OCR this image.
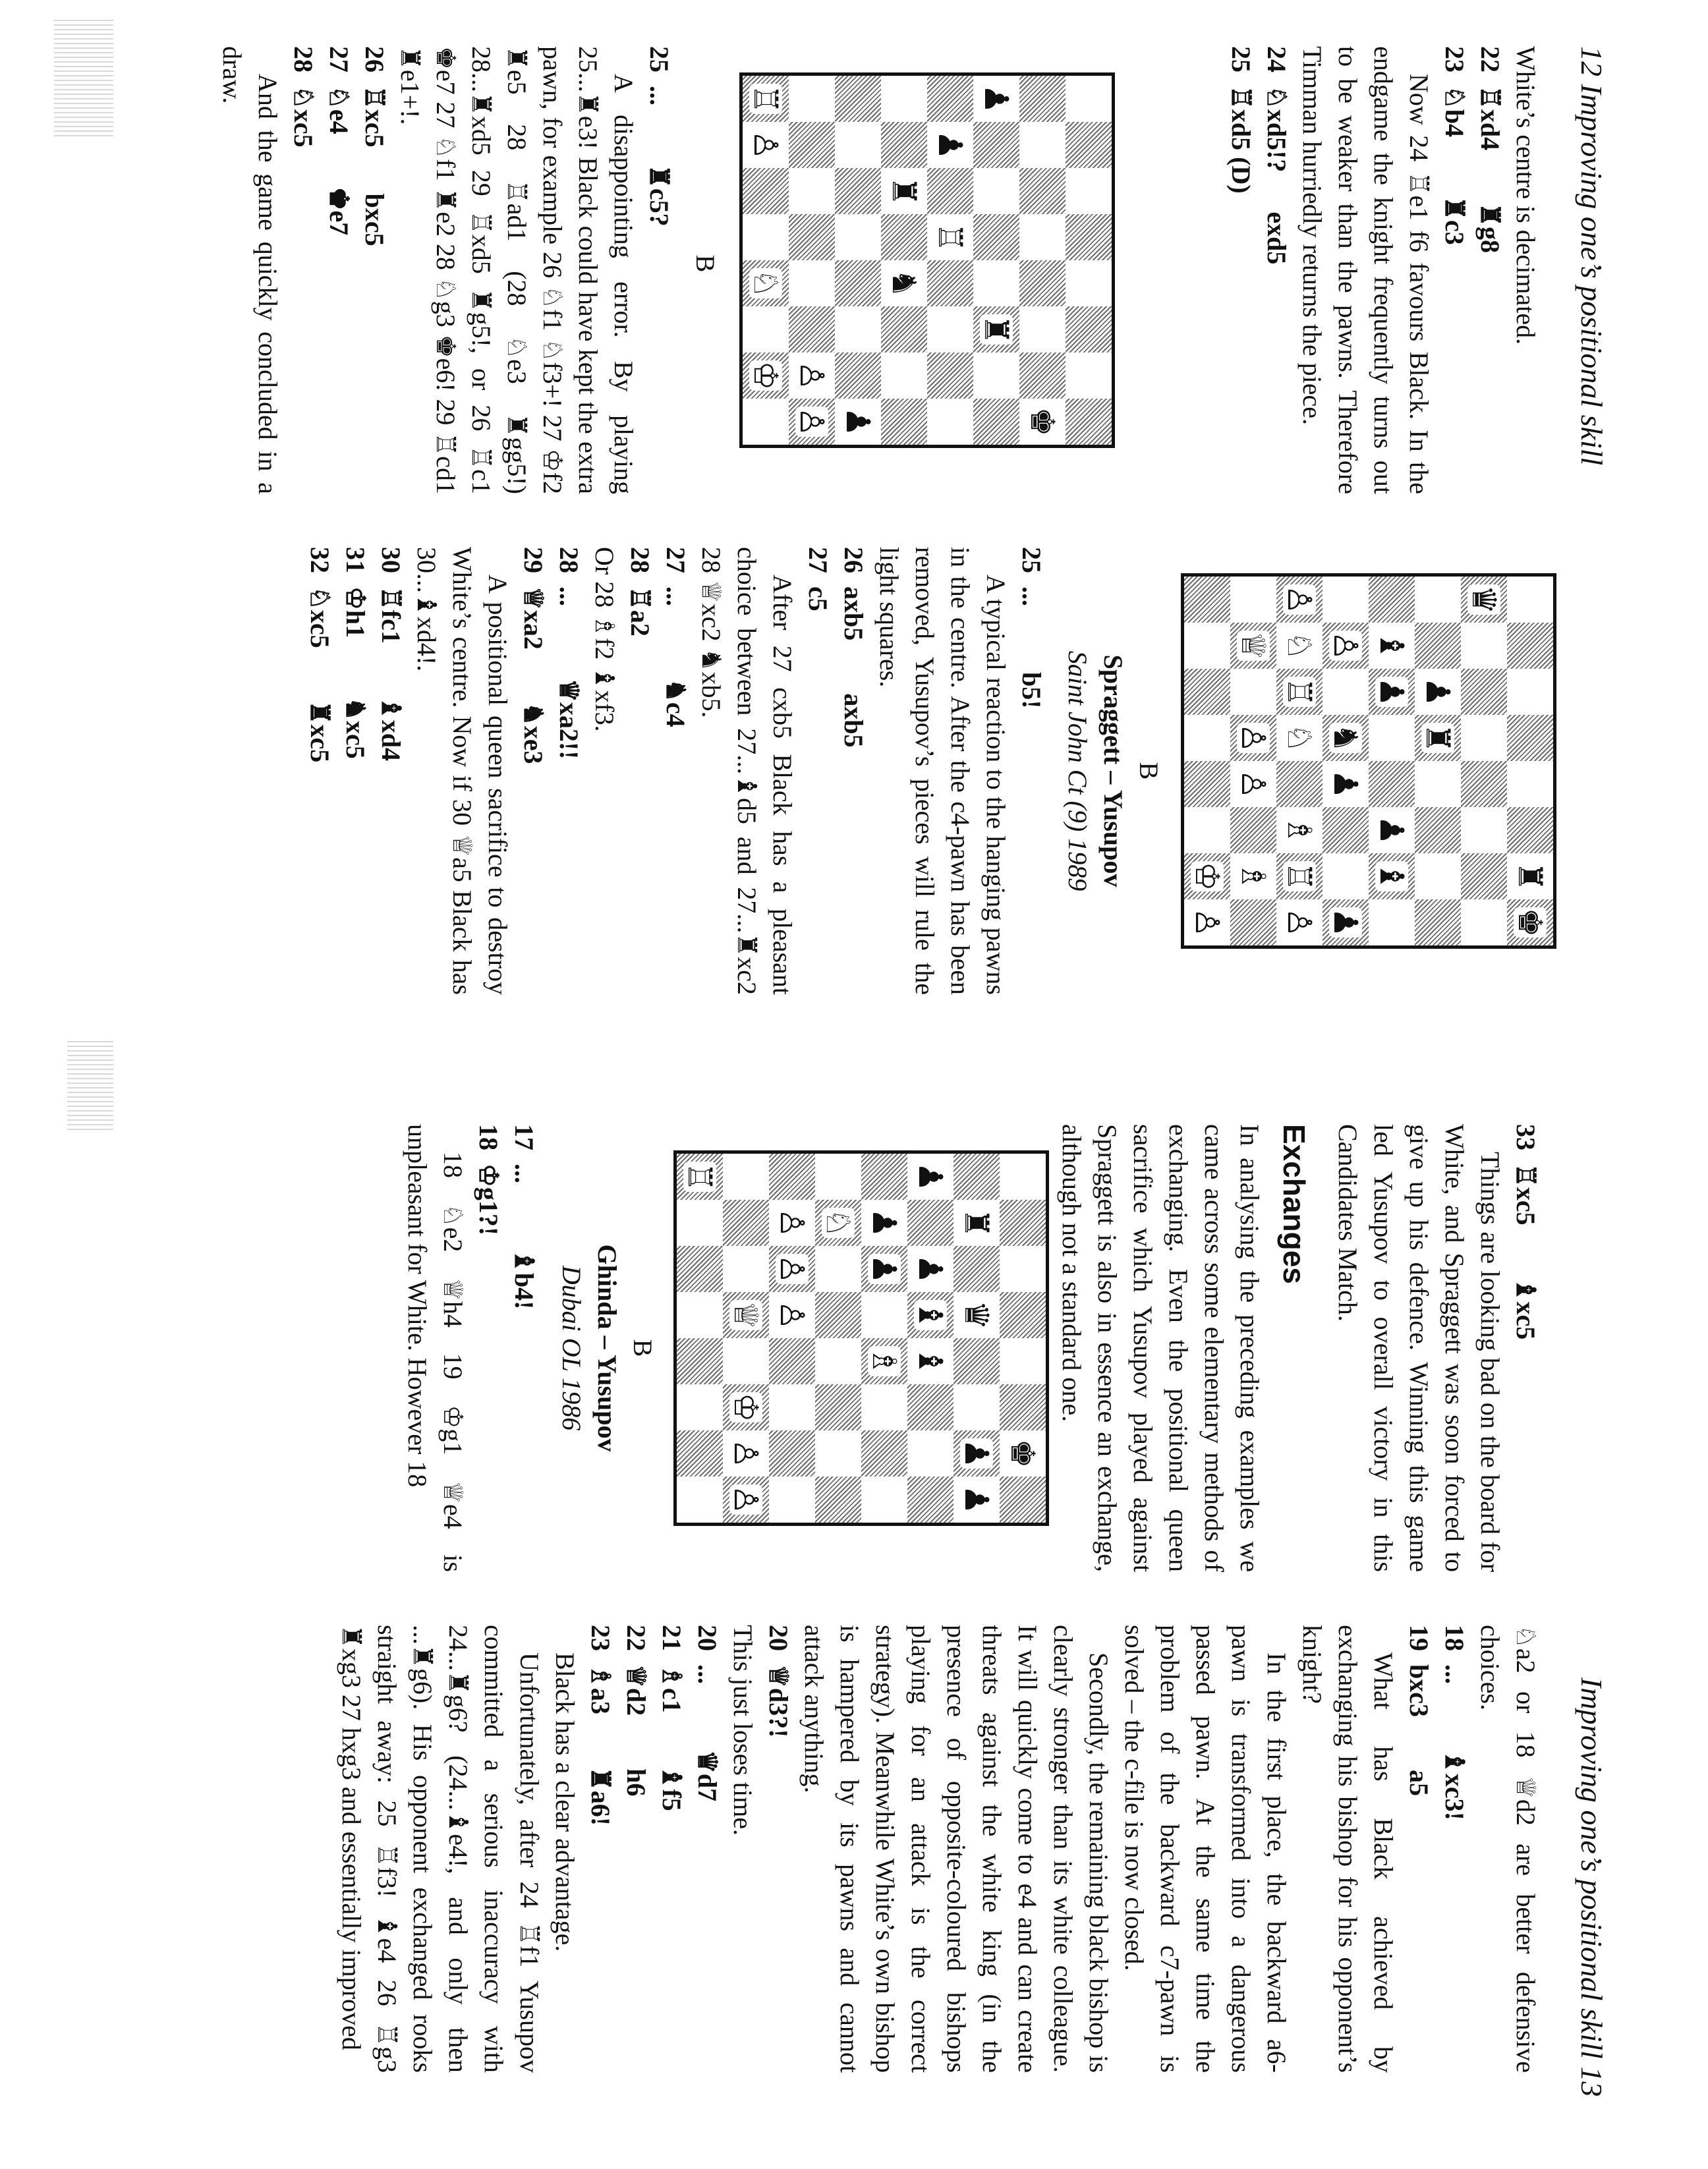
12 Improving one’s positional skill

White’s centre is decimated.

22  ♖xd4        ♜g8

23  ♘b4         ♜c3

Now 24 ♖e1 f6 favours Black. In the endgame the knight frequently turns out to be weaker than the pawns. Therefore Timman hurriedly returns the piece.

24  ♘xd5!?      exd5

25  ♖xd5 (D)

♚
♟
♜
♟
♖
♜
♞
♟
♙
♙
♖
♙
♘
♔
B

25  ...         ♜c5?

A disappointing error. By playing 25...♜e3! Black could have kept the extra pawn, for example 26 ♘f1 ♘f3+! 27 ♔f2 ♜e5 28 ♖ad1 (28 ♘e3 ♜gg5!) 28...♜xd5 29 ♖xd5 ♜g5!, or 26 ♖c1 ♚e7 27 ♘f1 ♜e2 28 ♘g3 ♚e6! 29 ♖cd1 ♜e1+!.

26  ♖xc5       bxc5

27  ♘e4        ♚e7

28  ♘xc5

And the game quickly concluded in a draw.

♜
♚
♛
♟
♜
♝
♟
♟
♝
♙
♞
♟
♟
♙
♘
♖
♘
♗
♖
♙
♕
♙
♙
♗
♔
♙
B
Spraggett – Yusupov
Saint John Ct (9) 1989

25  ...          b5!

A typical reaction to the hanging pawns in the centre. After the c4-pawn has been removed, Yusupov’s pieces will rule the light squares.

26  axb5        axb5

27  c5

After 27 cxb5 Black has a pleasant choice between 27...♝d5 and 27...♜xc2 28 ♕xc2 ♞xb5.

27  ...           ♞c4

28  ♖a2

Or 28 ♗f2 ♝xf3.

28  ...           ♛xa2!!

29  ♕xa2        ♞xe3

A positional queen sacrifice to destroy White’s centre. Now if 30 ♕a5 Black has 30...♝xd4!.

30  ♖fc1        ♝xd4

31  ♔h1         ♞xc5

32  ♘xc5        ♜xc5

Improving one’s positional skill 13

33  ♖xc5        ♝xc5

Things are looking bad on the board for White, and Spraggett was soon forced to give up his defence. Winning this game led Yusupov to overall victory in this Candidates Match.

Exchanges

In analysing the preceding examples we came across some elementary methods of exchanging. Even the positional queen sacrifice which Yusupov played against Spraggett is also in essence an exchange, although not a standard one.

♚
♜
♛
♟
♟
♟
♟
♝
♝
♟
♟
♗
♘
♙
♙
♙
♕
♔
♙
♙
♖
B
Ghinda – Yusupov
Dubai OL 1986

17  ...          ♝b4!

18  ♔g1?!

18 ♘e2 ♕h4 19 ♔g1 ♕e4 is unpleasant for White. However 18

♘a2 or 18 ♕d2 are better defensive choices.

18  ...          ♝xc3!

19  bxc3        a5

What has Black achieved by exchanging his bishop for his opponent’s knight?

In the first place, the backward a6-pawn is transformed into a dangerous passed pawn. At the same time the problem of the backward c7-pawn is solved – the c-file is now closed.

Secondly, the remaining black bishop is clearly stronger than its white colleague. It will quickly come to e4 and can create threats against the white king (in the presence of opposite-coloured bishops playing for an attack is the correct strategy). Meanwhile White’s own bishop is hampered by its pawns and cannot attack anything.

20  ♕d3?!

This just loses time.

20  ...          ♛d7

21  ♗c1        ♝f5

22  ♕d2        h6

23  ♗a3        ♜a6!

Black has a clear advantage.

Unfortunately, after 24 ♖f1 Yusupov committed a serious inaccuracy with 24...♜g6? (24...♝e4!, and only then ...♜g6). His opponent exchanged rooks straight away: 25 ♖f3! ♝e4 26 ♖g3 ♜xg3 27 hxg3 and essentially improved
